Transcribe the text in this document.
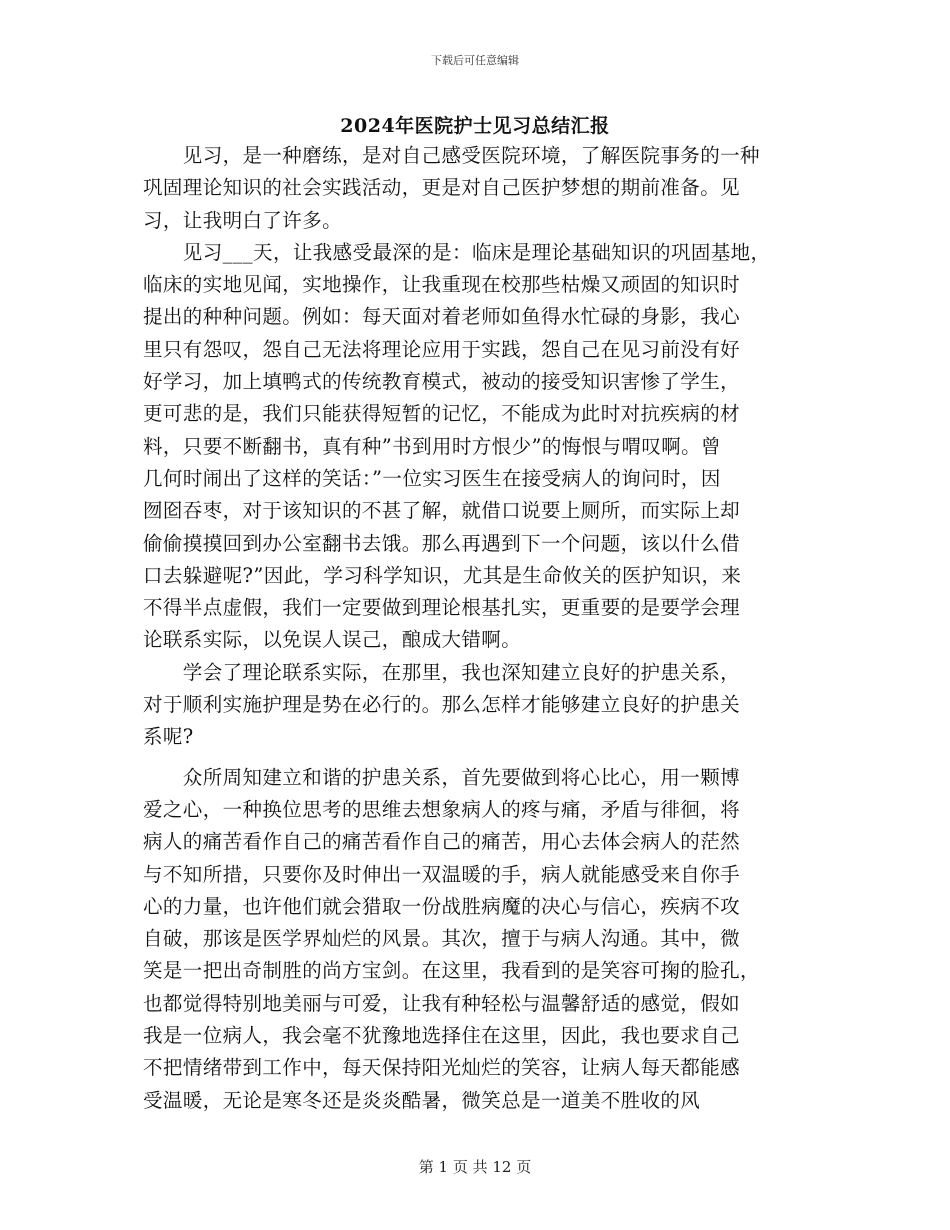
下载后可任意编辑
2024年医院护士见习总结汇报
　　见习，是一种磨练，是对自己感受医院环境，了解医院事务的一种
巩固理论知识的社会实践活动，更是对自己医护梦想的期前准备。见
习，让我明白了许多。
　　见习___天，让我感受最深的是：临床是理论基础知识的巩固基地，
临床的实地见闻，实地操作，让我重现在校那些枯燥又顽固的知识时
提出的种种问题。例如：每天面对着老师如鱼得水忙碌的身影，我心
里只有怨叹，怨自己无法将理论应用于实践，怨自己在见习前没有好
好学习，加上填鸭式的传统教育模式，被动的接受知识害惨了学生，
更可悲的是，我们只能获得短暂的记忆，不能成为此时对抗疾病的材
料，只要不断翻书，真有种”书到用时方恨少”的悔恨与喟叹啊。曾
几何时闹出了这样的笑话：”一位实习医生在接受病人的询问时，因
囫囵吞枣，对于该知识的不甚了解，就借口说要上厕所，而实际上却
偷偷摸摸回到办公室翻书去饿。那么再遇到下一个问题，该以什么借
口去躲避呢?”因此，学习科学知识，尤其是生命攸关的医护知识，来
不得半点虚假，我们一定要做到理论根基扎实，更重要的是要学会理
论联系实际，以免误人误己，酿成大错啊。
　　学会了理论联系实际，在那里，我也深知建立良好的护患关系，
对于顺利实施护理是势在必行的。那么怎样才能够建立良好的护患关
系呢?
　　众所周知建立和谐的护患关系，首先要做到将心比心，用一颗博
爱之心，一种换位思考的思维去想象病人的疼与痛，矛盾与徘徊，将
病人的痛苦看作自己的痛苦看作自己的痛苦，用心去体会病人的茫然
与不知所措，只要你及时伸出一双温暖的手，病人就能感受来自你手
心的力量，也许他们就会猎取一份战胜病魔的决心与信心，疾病不攻
自破，那该是医学界灿烂的风景。其次，擅于与病人沟通。其中，微
笑是一把出奇制胜的尚方宝剑。在这里，我看到的是笑容可掬的脸孔，
也都觉得特别地美丽与可爱，让我有种轻松与温馨舒适的感觉，假如
我是一位病人，我会毫不犹豫地选择住在这里，因此，我也要求自己
不把情绪带到工作中，每天保持阳光灿烂的笑容，让病人每天都能感
受温暖，无论是寒冬还是炎炎酷暑，微笑总是一道美不胜收的风
第 1 页 共 12 页
